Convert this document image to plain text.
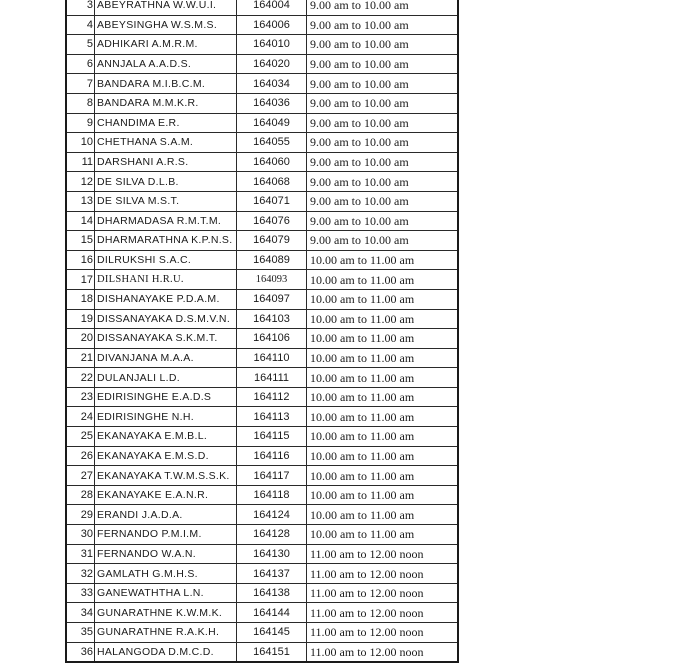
3	ABEYRATHNA W.W.U.I.	164004	9.00 am to 10.00 am
4	ABEYSINGHA W.S.M.S.	164006	9.00 am to 10.00 am
5	ADHIKARI A.M.R.M.	164010	9.00 am to 10.00 am
6	ANNJALA A.A.D.S.	164020	9.00 am to 10.00 am
7	BANDARA M.I.B.C.M.	164034	9.00 am to 10.00 am
8	BANDARA M.M.K.R.	164036	9.00 am to 10.00 am
9	CHANDIMA E.R.	164049	9.00 am to 10.00 am
10	CHETHANA S.A.M.	164055	9.00 am to 10.00 am
11	DARSHANI A.R.S.	164060	9.00 am to 10.00 am
12	DE SILVA D.L.B.	164068	9.00 am to 10.00 am
13	DE SILVA M.S.T.	164071	9.00 am to 10.00 am
14	DHARMADASA R.M.T.M.	164076	9.00 am to 10.00 am
15	DHARMARATHNA K.P.N.S.	164079	9.00 am to 10.00 am
16	DILRUKSHI S.A.C.	164089	10.00 am to 11.00 am
17	DILSHANI H.R.U.	164093	10.00 am to 11.00 am
18	DISHANAYAKE P.D.A.M.	164097	10.00 am to 11.00 am
19	DISSANAYAKA D.S.M.V.N.	164103	10.00 am to 11.00 am
20	DISSANAYAKA S.K.M.T.	164106	10.00 am to 11.00 am
21	DIVANJANA M.A.A.	164110	10.00 am to 11.00 am
22	DULANJALI L.D.	164111	10.00 am to 11.00 am
23	EDIRISINGHE E.A.D.S	164112	10.00 am to 11.00 am
24	EDIRISINGHE N.H.	164113	10.00 am to 11.00 am
25	EKANAYAKA E.M.B.L.	164115	10.00 am to 11.00 am
26	EKANAYAKA E.M.S.D.	164116	10.00 am to 11.00 am
27	EKANAYAKA T.W.M.S.S.K.	164117	10.00 am to 11.00 am
28	EKANAYAKE E.A.N.R.	164118	10.00 am to 11.00 am
29	ERANDI J.A.D.A.	164124	10.00 am to 11.00 am
30	FERNANDO P.M.I.M.	164128	10.00 am to 11.00 am
31	FERNANDO W.A.N.	164130	11.00 am to 12.00 noon
32	GAMLATH G.M.H.S.	164137	11.00 am to 12.00 noon
33	GANEWATHTHA L.N.	164138	11.00 am to 12.00 noon
34	GUNARATHNE K.W.M.K.	164144	11.00 am to 12.00 noon
35	GUNARATHNE R.A.K.H.	164145	11.00 am to 12.00 noon
36	HALANGODA D.M.C.D.	164151	11.00 am to 12.00 noon
